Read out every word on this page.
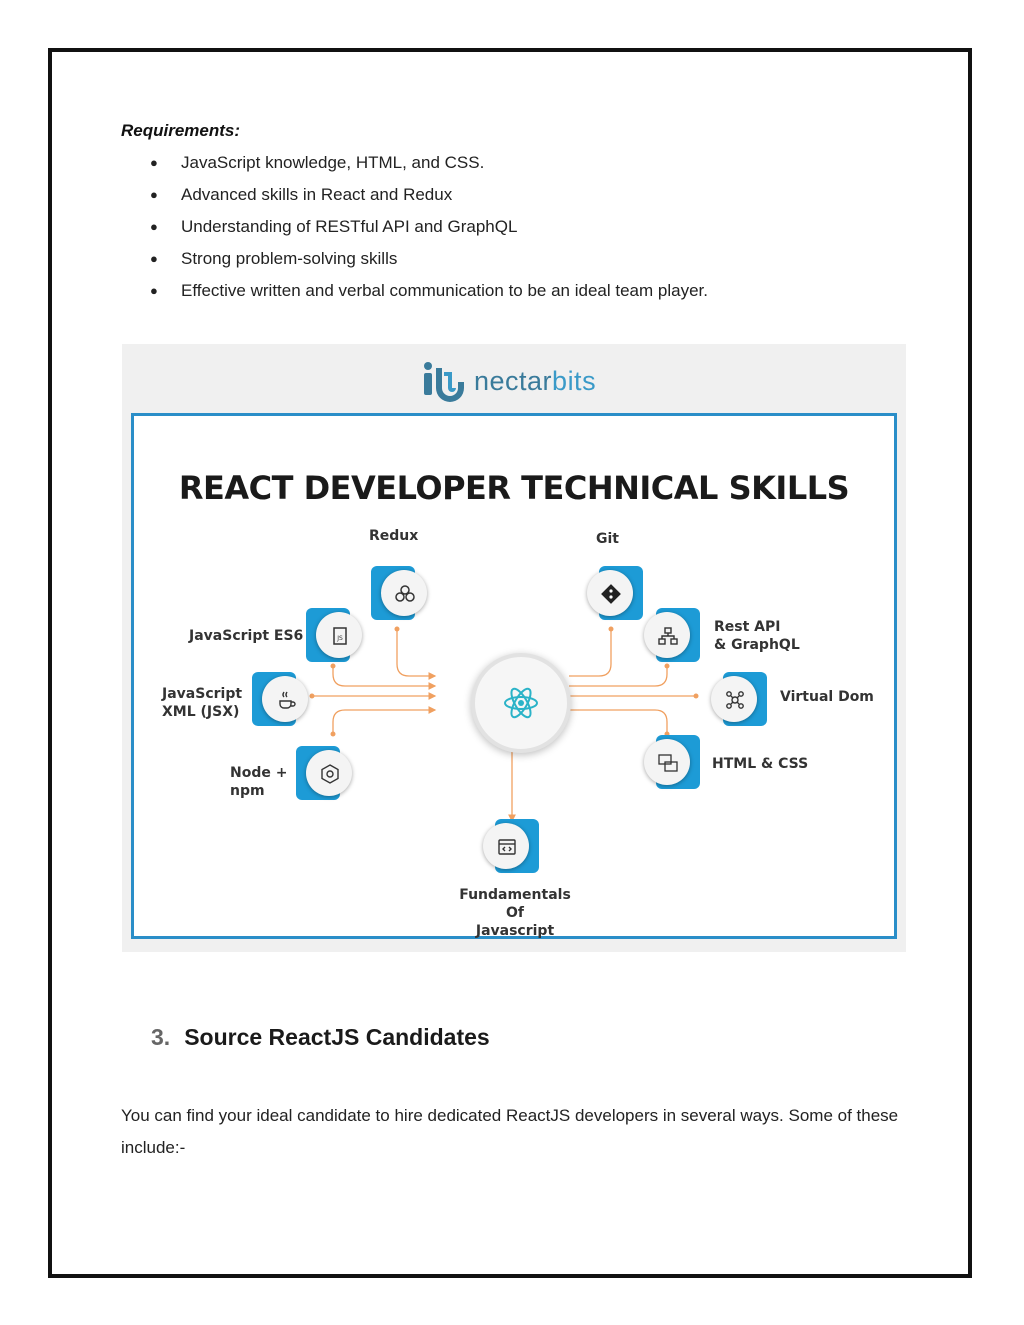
Requirements:
● JavaScript knowledge, HTML, and CSS.
● Advanced skills in React and Redux
● Understanding of RESTful API and GraphQL
● Strong problem-solving skills
● Effective written and verbal communication to be an ideal team player.
nectarbits
REACT DEVELOPER TECHNICAL SKILLS
Redux	Git
JavaScript ES6	JS
Rest API
& GraphQL
JavaScript
XML (JSX)
Virtual Dom
Node +
npm
HTML & CSS
Fundamentals Of
Javascript
3. Source ReactJS Candidates
You can find your ideal candidate to hire dedicated ReactJS developers in several ways. Some of these include:-
